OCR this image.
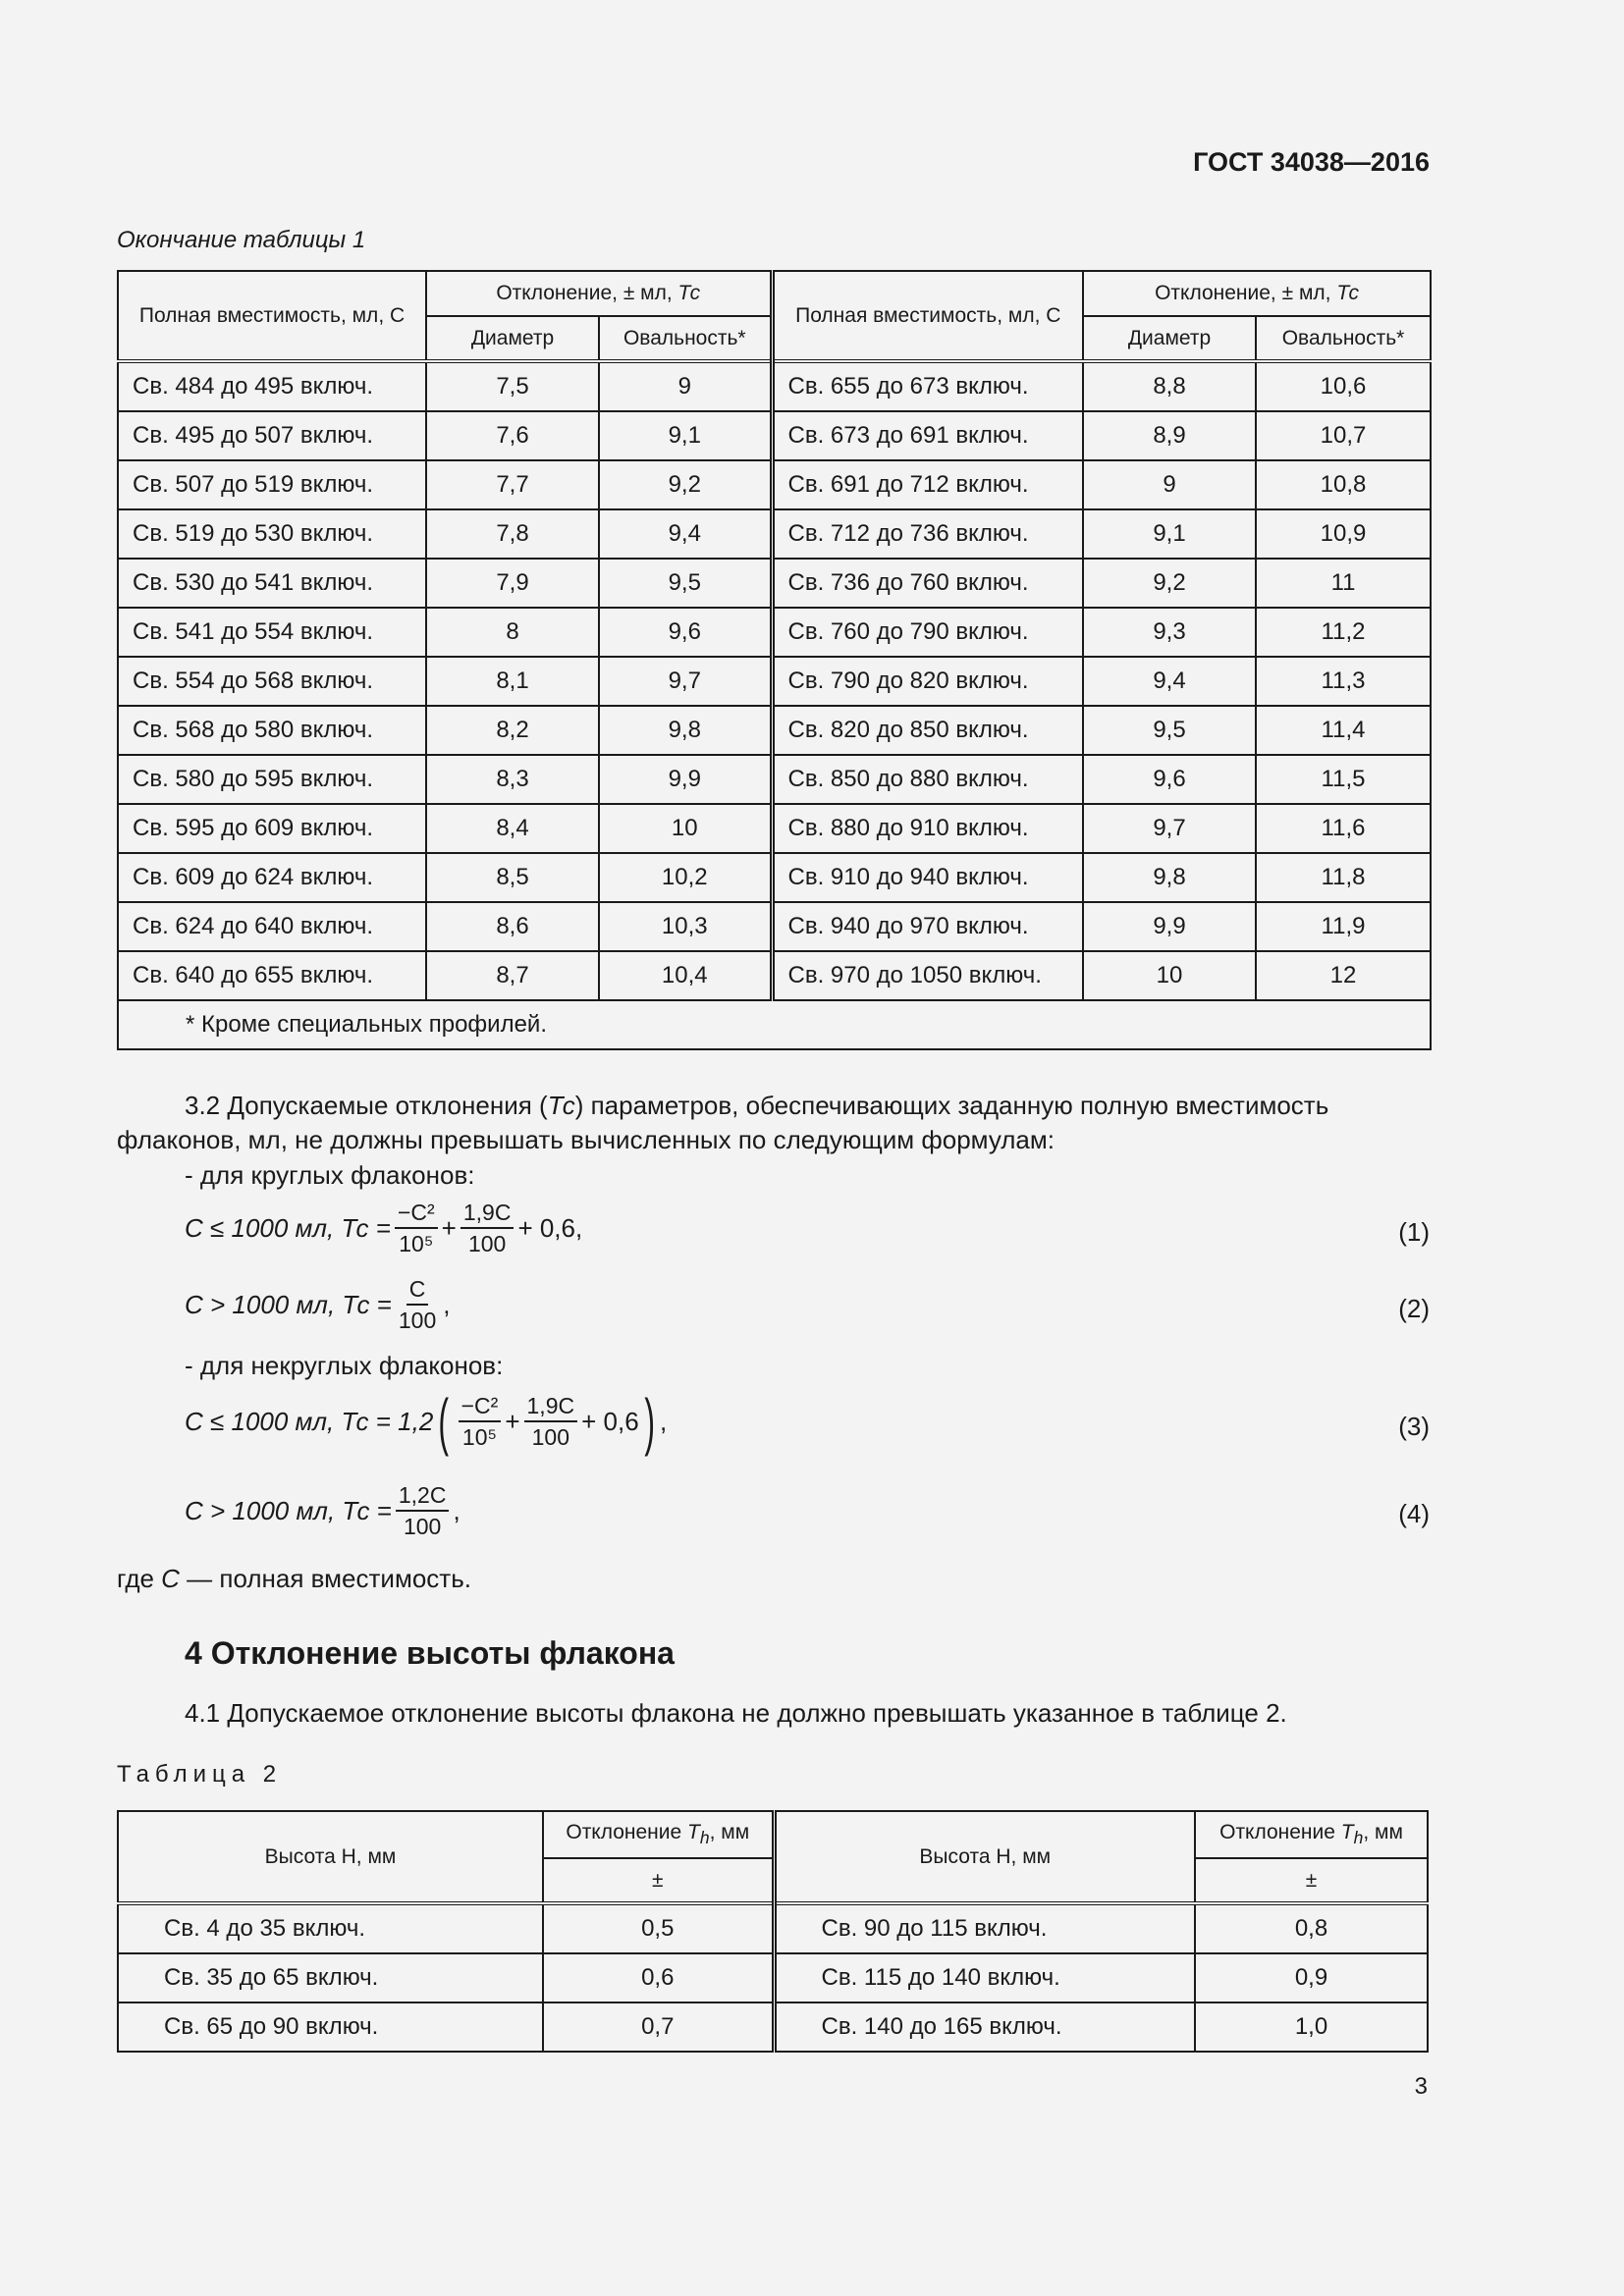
ГОСТ 34038—2016
Окончание таблицы 1
Полная вместимость, мл, С	Отклонение, ± мл, Тс		Полная вместимость, мл, С	Отклонение, ± мл, Тс	
	Диаметр	Овальность*		Диаметр	Овальность*
Св. 484 до 495 включ.	7,5	9	Св. 655 до 673 включ.	8,8	10,6
Св. 495 до 507 включ.	7,6	9,1	Св. 673 до 691 включ.	8,9	10,7
Св. 507 до 519 включ.	7,7	9,2	Св. 691 до 712 включ.	9	10,8
Св. 519 до 530 включ.	7,8	9,4	Св. 712 до 736 включ.	9,1	10,9
Св. 530 до 541 включ.	7,9	9,5	Св. 736 до 760 включ.	9,2	11
Св. 541 до 554 включ.	8	9,6	Св. 760 до 790 включ.	9,3	11,2
Св. 554 до 568 включ.	8,1	9,7	Св. 790 до 820 включ.	9,4	11,3
Св. 568 до 580 включ.	8,2	9,8	Св. 820 до 850 включ.	9,5	11,4
Св. 580 до 595 включ.	8,3	9,9	Св. 850 до 880 включ.	9,6	11,5
Св. 595 до 609 включ.	8,4	10	Св. 880 до 910 включ.	9,7	11,6
Св. 609 до 624 включ.	8,5	10,2	Св. 910 до 940 включ.	9,8	11,8
Св. 624 до 640 включ.	8,6	10,3	Св. 940 до 970 включ.	9,9	11,9
Св. 640 до 655 включ.	8,7	10,4	Св. 970 до 1050 включ.	10	12
* Кроме специальных профилей.					
3.2 Допускаемые отклонения (Тс) параметров, обеспечивающих заданную полную вместимость флаконов, мл, не должны превышать вычисленных по следующим формулам:
- для круглых флаконов:
С ≤ 1000 мл,
Тс = $\frac{\text{−С²}}{\text{10⁵}} + \frac{1,9С}{100} + 0,6$,	(1)
С > 1000 мл,
Тс = $\frac{С}{100}$ ,	(2)
- для некруглых флаконов:
С ≤ 1000 мл,
Тс = 1,2 ( $\frac{\text{−С²}}{\text{10⁵}} + \frac{1,9С}{100} + 0,6$ ) ,	(3)
С > 1000 мл,
Тс = $\frac{1,2С}{100}$ ,	(4)
где С — полная вместимость.
4 Отклонение высоты флакона
4.1 Допускаемое отклонение высоты флакона не должно превышать указанное в таблице 2.
Таблица 2
Высота Н, мм	Отклонение $Т_h$, мм	Высота Н, мм	Отклонение $Т_h$, мм
	±		±
Св. 4 до 35 включ.	0,5	Св. 90 до 115 включ.	0,8
Св. 35 до 65 включ.	0,6	Св. 115 до 140 включ.	0,9
Св. 65 до 90 включ.	0,7	Св. 140 до 165 включ.	1,0
3
